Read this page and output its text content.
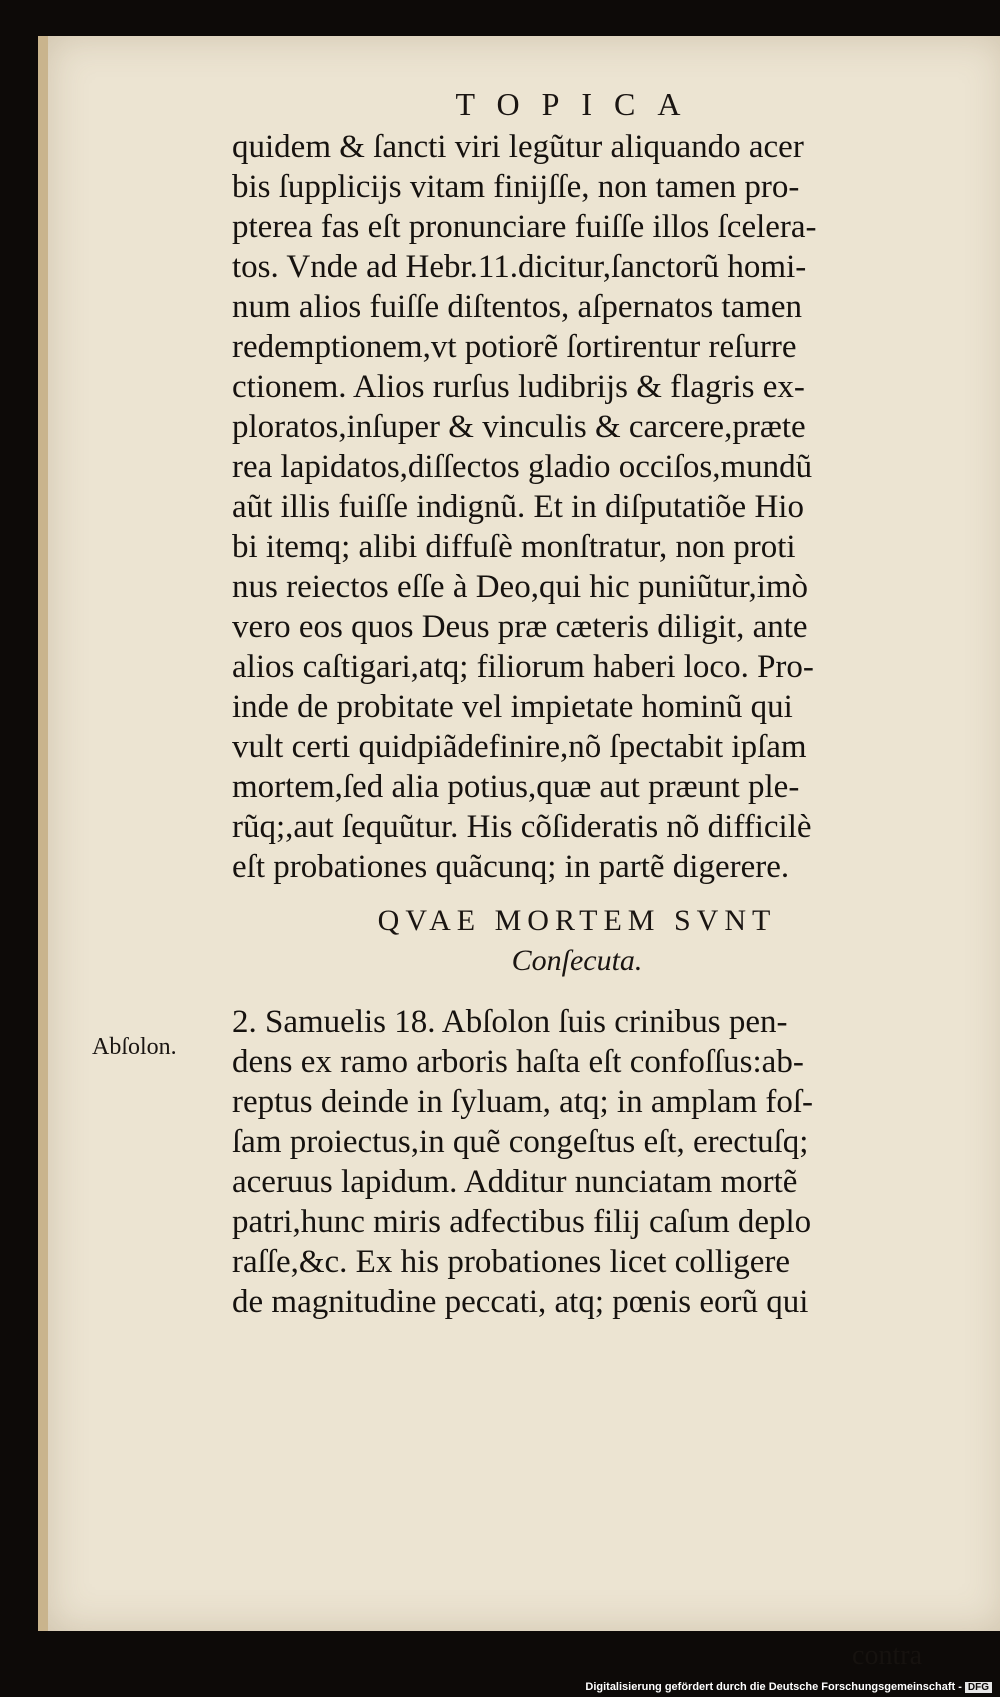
TOPICA
quidem & ſancti viri legũtur aliquando acer
bis ſupplicijs vitam finijſſe, non tamen pro-
pterea fas eſt pronunciare fuiſſe illos ſcelera-
tos. Vnde ad Hebr.11.dicitur,ſanctorũ homi-
num alios fuiſſe diſtentos, aſpernatos tamen
redemptionem,vt potiorẽ ſortirentur reſurre
ctionem. Alios rurſus ludibrijs & flagris ex-
ploratos,inſuper & vinculis & carcere,præte
rea lapidatos,diſſectos gladio occiſos,mundũ
aũt illis fuiſſe indignũ. Et in diſputatiõe Hio
bi itemq; alibi diffuſè monſtratur, non proti
nus reiectos eſſe à Deo,qui hic puniũtur,imò
vero eos quos Deus præ cæteris diligit, ante
alios caſtigari,atq; filiorum haberi loco. Pro-
inde de probitate vel impietate hominũ qui
vult certi quidpiãdefinire,nõ ſpectabit ipſam
mortem,ſed alia potius,quæ aut præunt ple-
rũq;,aut ſequũtur. His cõſideratis nõ difficilè
eſt probationes quãcunq; in partẽ digerere.
QVAE MORTEM SVNT
Conſecuta.
Abſolon.
2. Samuelis 18. Abſolon ſuis crinibus pen-
dens ex ramo arboris haſta eſt confoſſus:ab-
reptus deinde in ſyluam, atq; in amplam foſ-
ſam proiectus,in quẽ congeſtus eſt, erectuſq;
aceruus lapidum. Additur nunciatam mortẽ
patri,hunc miris adfectibus filij caſum deplo
raſſe,&c. Ex his probationes licet colligere
de magnitudine peccati, atq; pœnis eorũ qui
contra
Digitalisierung gefördert durch die Deutsche Forschungsgemeinschaft - DFG
